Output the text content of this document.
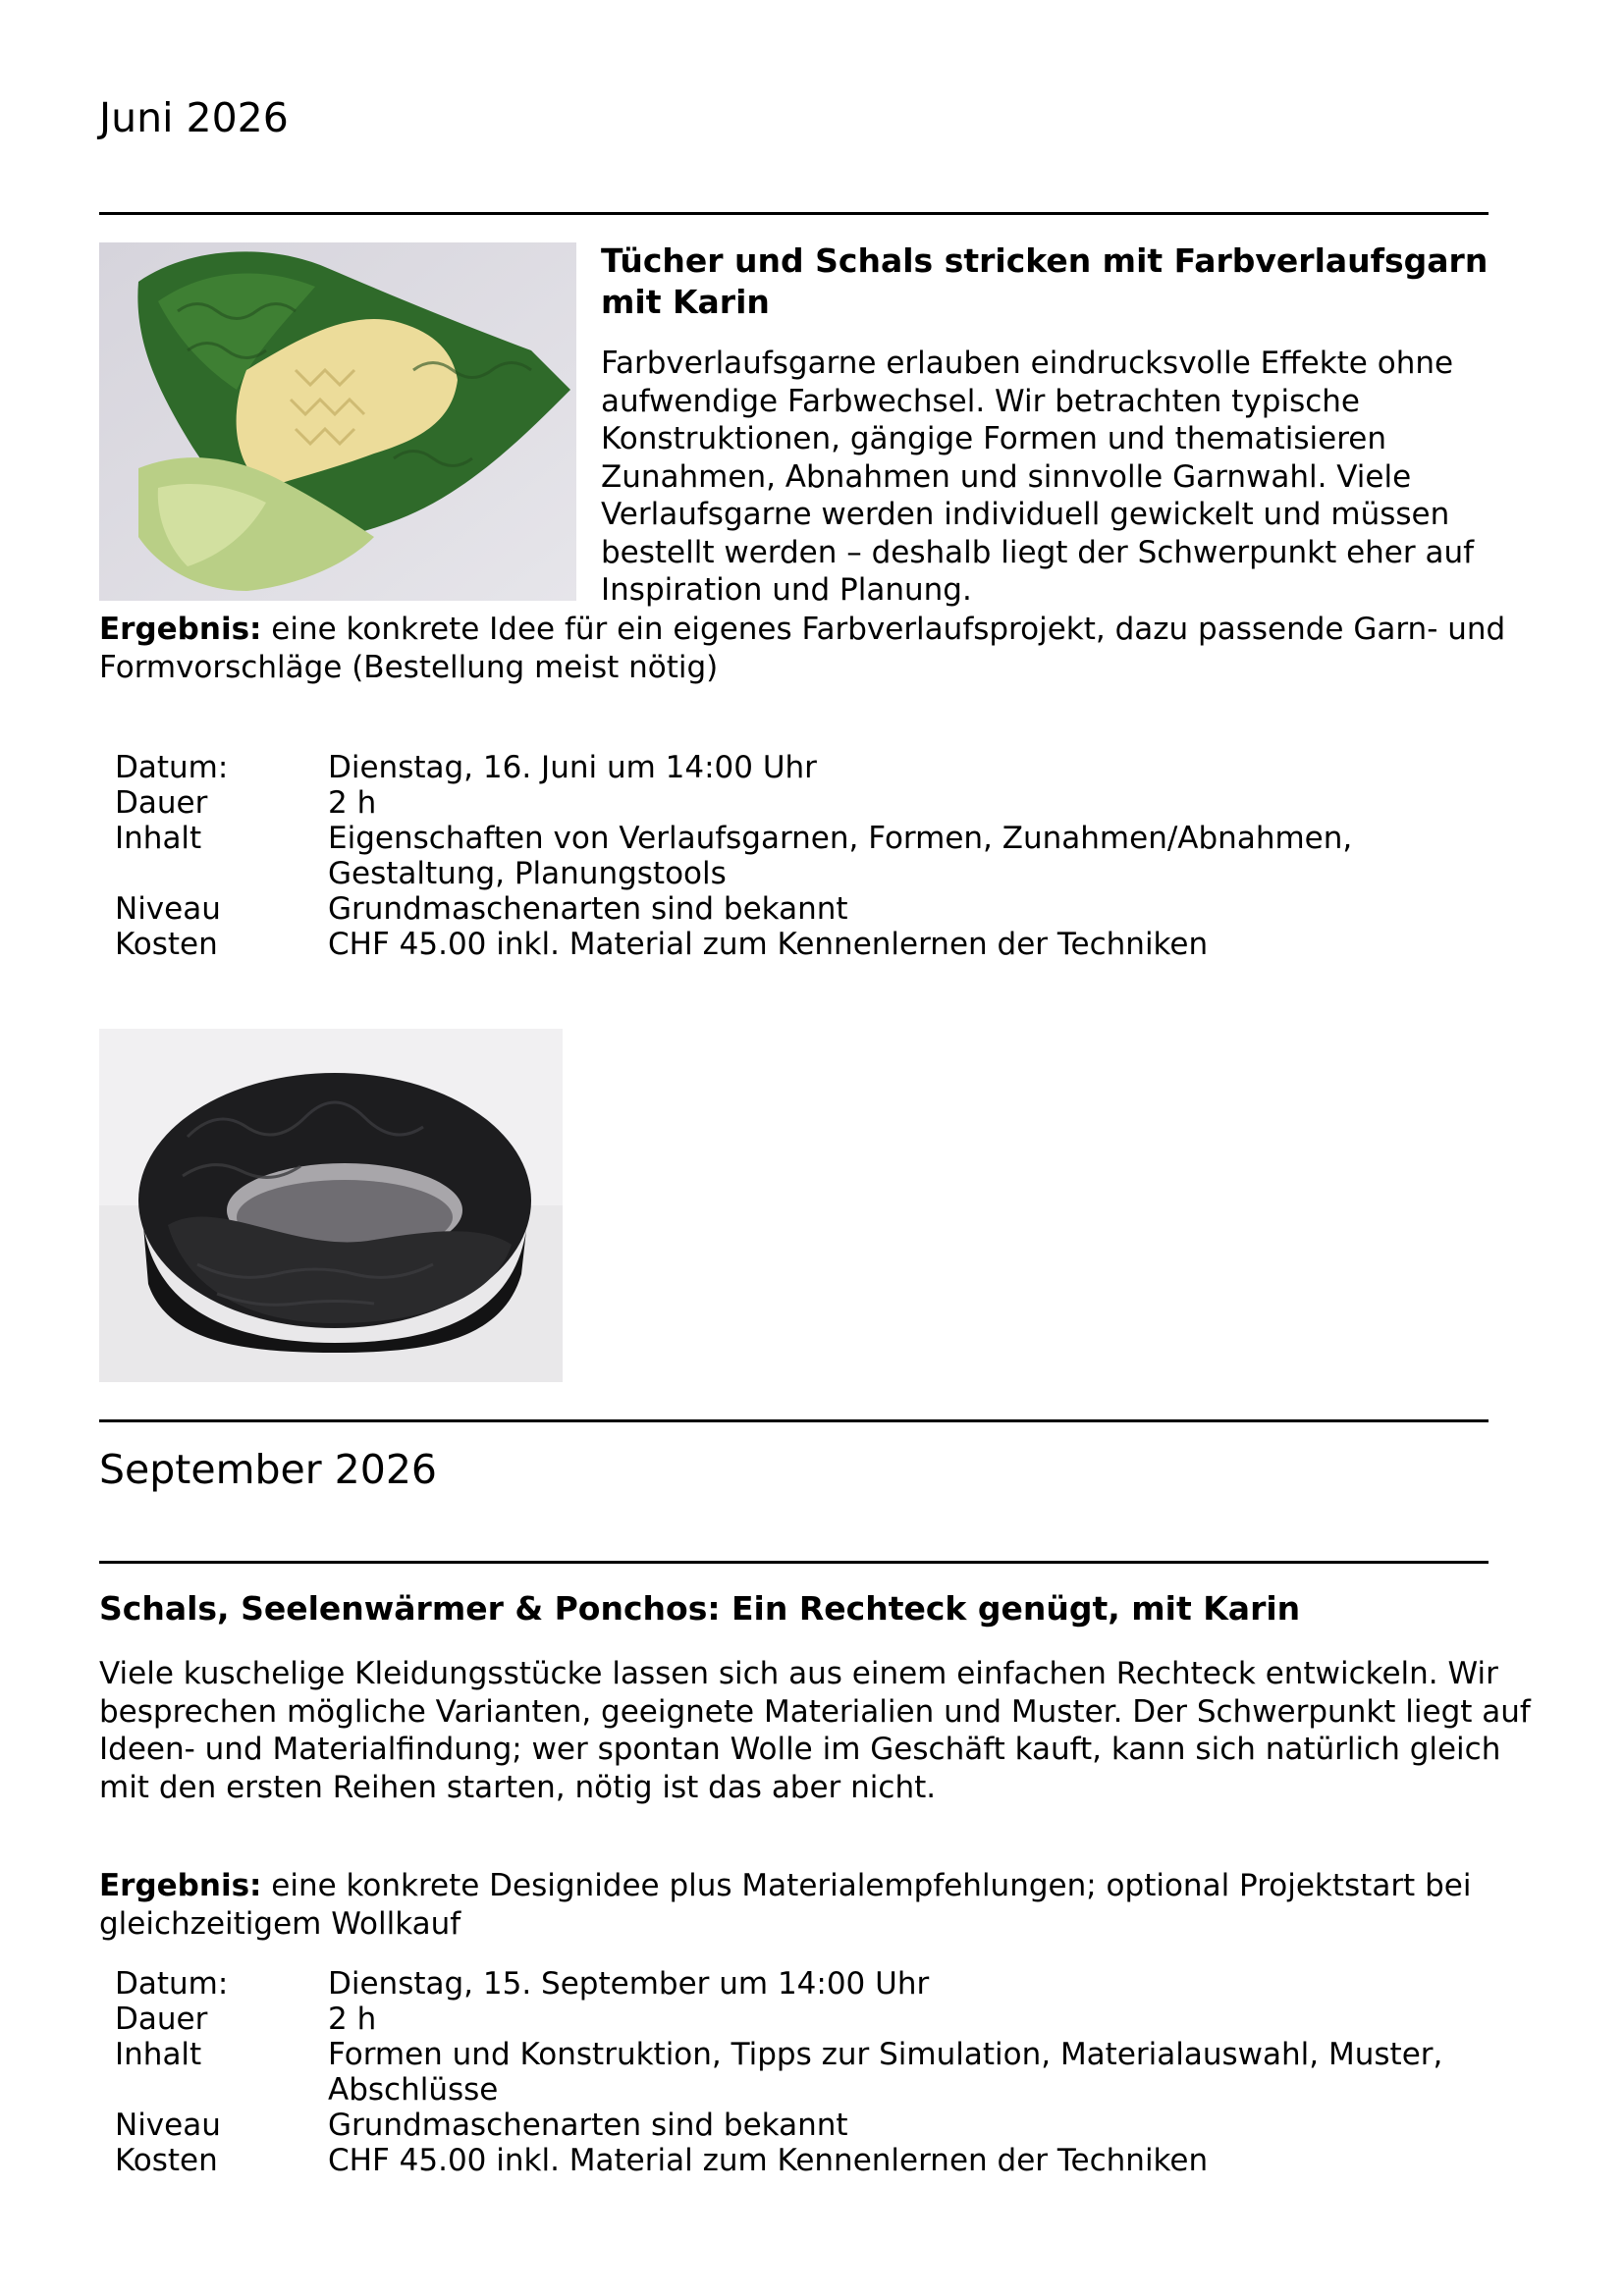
Juni 2026
Tücher und Schals stricken mit Farbverlaufsgarn
mit Karin

Farbverlaufsgarne erlauben eindrucksvolle Effekte ohne aufwendige Farbwechsel. Wir betrachten typische Konstruktionen, gängige Formen und thematisieren Zunahmen, Abnahmen und sinnvolle Garnwahl. Viele Verlaufsgarne werden individuell gewickelt und müssen bestellt werden – deshalb liegt der Schwerpunkt eher auf Inspiration und Planung.

Ergebnis: eine konkrete Idee für ein eigenes Farbverlaufsprojekt, dazu passende Garn- und Formvorschläge (Bestellung meist nötig)

Datum:	Dienstag, 16. Juni um 14:00 Uhr
Dauer	2 h
Inhalt	Eigenschaften von Verlaufsgarnen, Formen, Zunahmen/Abnahmen, Gestaltung, Planungstools
Niveau	Grundmaschenarten sind bekannt
Kosten	CHF 45.00 inkl. Material zum Kennenlernen der Techniken
September 2026
Schals, Seelenwärmer & Ponchos: Ein Rechteck genügt, mit Karin

Viele kuschelige Kleidungsstücke lassen sich aus einem einfachen Rechteck entwickeln. Wir besprechen mögliche Varianten, geeignete Materialien und Muster. Der Schwerpunkt liegt auf Ideen- und Materialfindung; wer spontan Wolle im Geschäft kauft, kann sich natürlich gleich mit den ersten Reihen starten, nötig ist das aber nicht.

Ergebnis: eine konkrete Designidee plus Materialempfehlungen; optional Projektstart bei gleichzeitigem Wollkauf

Datum:	Dienstag, 15. September um 14:00 Uhr
Dauer	2 h
Inhalt	Formen und Konstruktion, Tipps zur Simulation, Materialauswahl, Muster, Abschlüsse
Niveau	Grundmaschenarten sind bekannt
Kosten	CHF 45.00 inkl. Material zum Kennenlernen der Techniken
